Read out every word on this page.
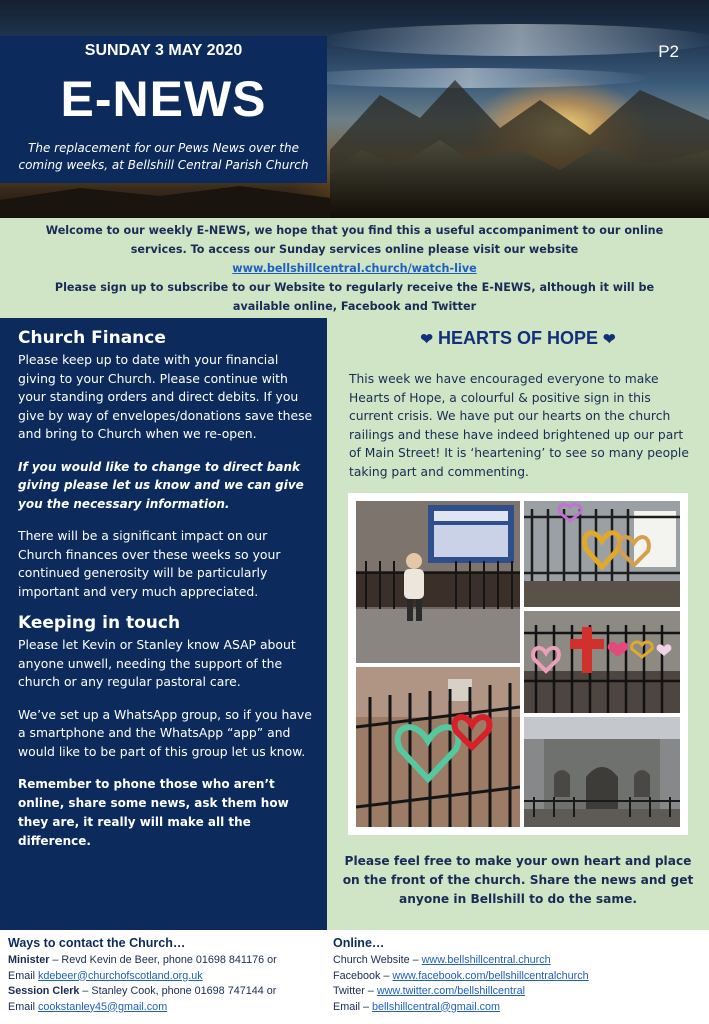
SUNDAY 3 MAY 2020
E-NEWS
The replacement for our Pews News over the coming weeks, at Bellshill Central Parish Church
P2
Welcome to our weekly E-NEWS, we hope that you find this a useful accompaniment to our online
services. To access our Sunday services online please visit our website
www.bellshillcentral.church/watch-live
Please sign up to subscribe to our Website to regularly receive the E-NEWS, although it will be
available online, Facebook and Twitter
Church Finance

Please keep up to date with your financial giving to your Church. Please continue with your standing orders and direct debits. If you give by way of envelopes/donations save these and bring to Church when we re-open.

If you would like to change to direct bank giving please let us know and we can give you the necessary information.

There will be a significant impact on our Church finances over these weeks so your continued generosity will be particularly important and very much appreciated.

Keeping in touch

Please let Kevin or Stanley know ASAP about anyone unwell, needing the support of the church or any regular pastoral care.

We’ve set up a WhatsApp group, so if you have a smartphone and the WhatsApp “app” and would like to be part of this group let us know.

Remember to phone those who aren’t online, share some news, ask them how they are, it really will make all the difference.

❤ HEARTS OF HOPE ❤
This week we have encouraged everyone to make Hearts of Hope, a colourful & positive sign in this current crisis. We have put our hearts on the church railings and these have indeed brightened up our part of Main Street! It is ‘heartening’ to see so many people taking part and commenting.
Please feel free to make your own heart and place on the front of the church. Share the news and get anyone in Bellshill to do the same.
Ways to contact the Church…
Minister – Revd Kevin de Beer, phone 01698 841176 or
Email kdebeer@churchofscotland.org.uk
Session Clerk – Stanley Cook, phone 01698 747144 or
Email cookstanley45@gmail.com
Online…
Church Website – www.bellshillcentral.church
Facebook – www.facebook.com/bellshillcentralchurch
Twitter – www.twitter.com/bellshillcentral
Email – bellshillcentral@gmail.com
